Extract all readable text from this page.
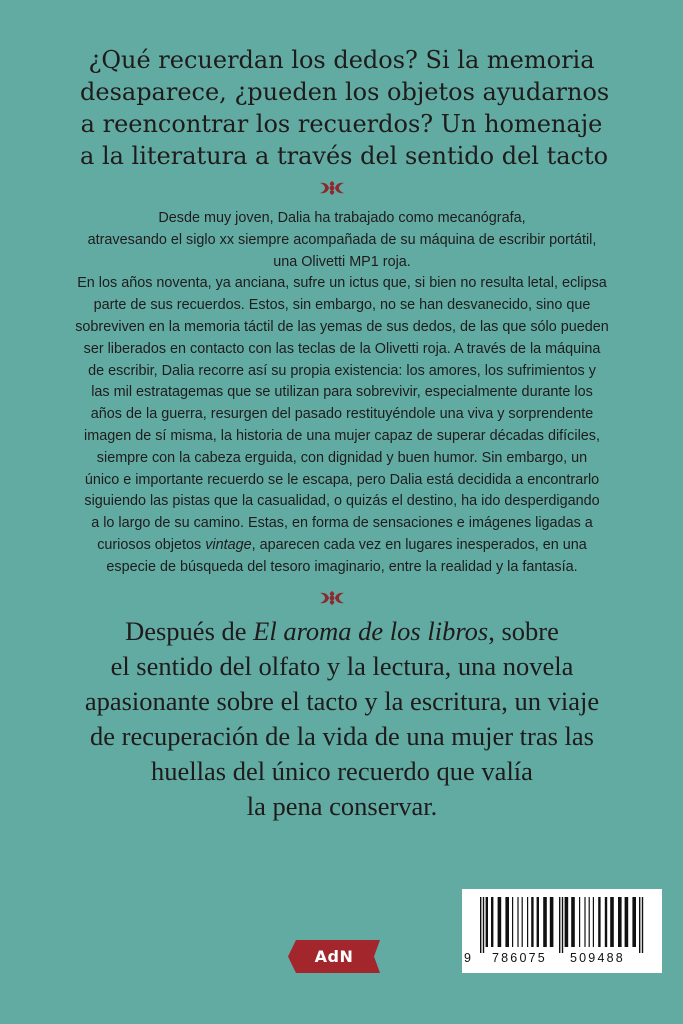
¿Qué recuerdan los dedos? Si la memoria
desaparece, ¿pueden los objetos ayudarnos
a reencontrar los recuerdos? Un homenaje
a la literatura a través del sentido del tacto
Desde muy joven, Dalia ha trabajado como mecanógrafa,
atravesando el siglo xx siempre acompañada de su máquina de escribir portátil,
una Olivetti MP1 roja.
En los años noventa, ya anciana, sufre un ictus que, si bien no resulta letal, eclipsa
parte de sus recuerdos. Estos, sin embargo, no se han desvanecido, sino que
sobreviven en la memoria táctil de las yemas de sus dedos, de las que sólo pueden
ser liberados en contacto con las teclas de la Olivetti roja. A través de la máquina
de escribir, Dalia recorre así su propia existencia: los amores, los sufrimientos y
las mil estratagemas que se utilizan para sobrevivir, especialmente durante los
años de la guerra, resurgen del pasado restituyéndole una viva y sorprendente
imagen de sí misma, la historia de una mujer capaz de superar décadas difíciles,
siempre con la cabeza erguida, con dignidad y buen humor. Sin embargo, un
único e importante recuerdo se le escapa, pero Dalia está decidida a encontrarlo
siguiendo las pistas que la casualidad, o quizás el destino, ha ido desperdigando
a lo largo de su camino. Estas, en forma de sensaciones e imágenes ligadas a
curiosos objetos vintage, aparecen cada vez en lugares inesperados, en una
especie de búsqueda del tesoro imaginario, entre la realidad y la fantasía.
Después de El aroma de los libros, sobre
el sentido del olfato y la lectura, una novela
apasionante sobre el tacto y la escritura, un viaje
de recuperación de la vida de una mujer tras las
huellas del único recuerdo que valía
la pena conservar.
9 786075 509488
AdN
